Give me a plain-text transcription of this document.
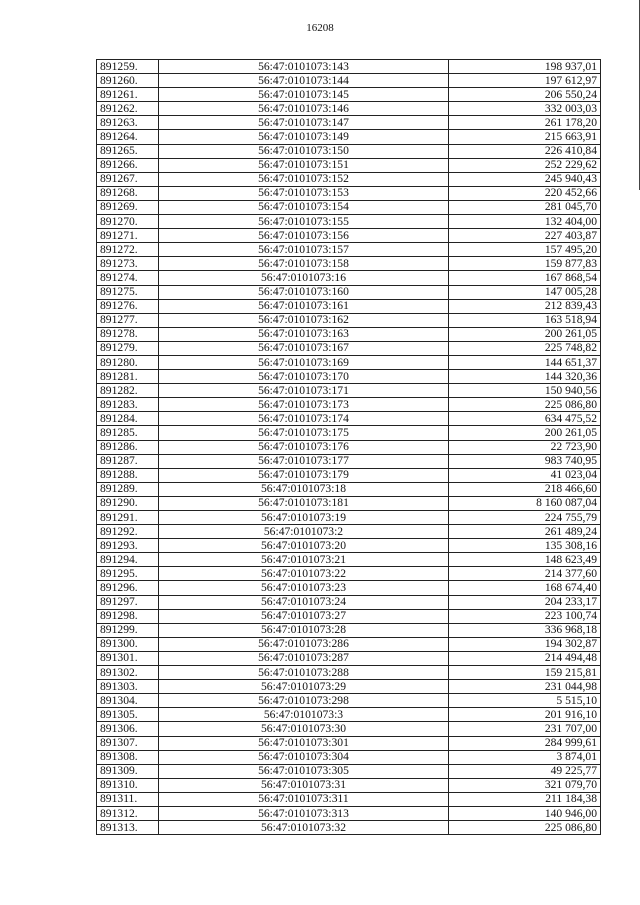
16208
891259.	56:47:0101073:143	198 937,01
891260.	56:47:0101073:144	197 612,97
891261.	56:47:0101073:145	206 550,24
891262.	56:47:0101073:146	332 003,03
891263.	56:47:0101073:147	261 178,20
891264.	56:47:0101073:149	215 663,91
891265.	56:47:0101073:150	226 410,84
891266.	56:47:0101073:151	252 229,62
891267.	56:47:0101073:152	245 940,43
891268.	56:47:0101073:153	220 452,66
891269.	56:47:0101073:154	281 045,70
891270.	56:47:0101073:155	132 404,00
891271.	56:47:0101073:156	227 403,87
891272.	56:47:0101073:157	157 495,20
891273.	56:47:0101073:158	159 877,83
891274.	56:47:0101073:16	167 868,54
891275.	56:47:0101073:160	147 005,28
891276.	56:47:0101073:161	212 839,43
891277.	56:47:0101073:162	163 518,94
891278.	56:47:0101073:163	200 261,05
891279.	56:47:0101073:167	225 748,82
891280.	56:47:0101073:169	144 651,37
891281.	56:47:0101073:170	144 320,36
891282.	56:47:0101073:171	150 940,56
891283.	56:47:0101073:173	225 086,80
891284.	56:47:0101073:174	634 475,52
891285.	56:47:0101073:175	200 261,05
891286.	56:47:0101073:176	22 723,90
891287.	56:47:0101073:177	983 740,95
891288.	56:47:0101073:179	41 023,04
891289.	56:47:0101073:18	218 466,60
891290.	56:47:0101073:181	8 160 087,04
891291.	56:47:0101073:19	224 755,79
891292.	56:47:0101073:2	261 489,24
891293.	56:47:0101073:20	135 308,16
891294.	56:47:0101073:21	148 623,49
891295.	56:47:0101073:22	214 377,60
891296.	56:47:0101073:23	168 674,40
891297.	56:47:0101073:24	204 233,17
891298.	56:47:0101073:27	223 100,74
891299.	56:47:0101073:28	336 968,18
891300.	56:47:0101073:286	194 302,87
891301.	56:47:0101073:287	214 494,48
891302.	56:47:0101073:288	159 215,81
891303.	56:47:0101073:29	231 044,98
891304.	56:47:0101073:298	5 515,10
891305.	56:47:0101073:3	201 916,10
891306.	56:47:0101073:30	231 707,00
891307.	56:47:0101073:301	284 999,61
891308.	56:47:0101073:304	3 874,01
891309.	56:47:0101073:305	49 225,77
891310.	56:47:0101073:31	321 079,70
891311.	56:47:0101073:311	211 184,38
891312.	56:47:0101073:313	140 946,00
891313.	56:47:0101073:32	225 086,80
